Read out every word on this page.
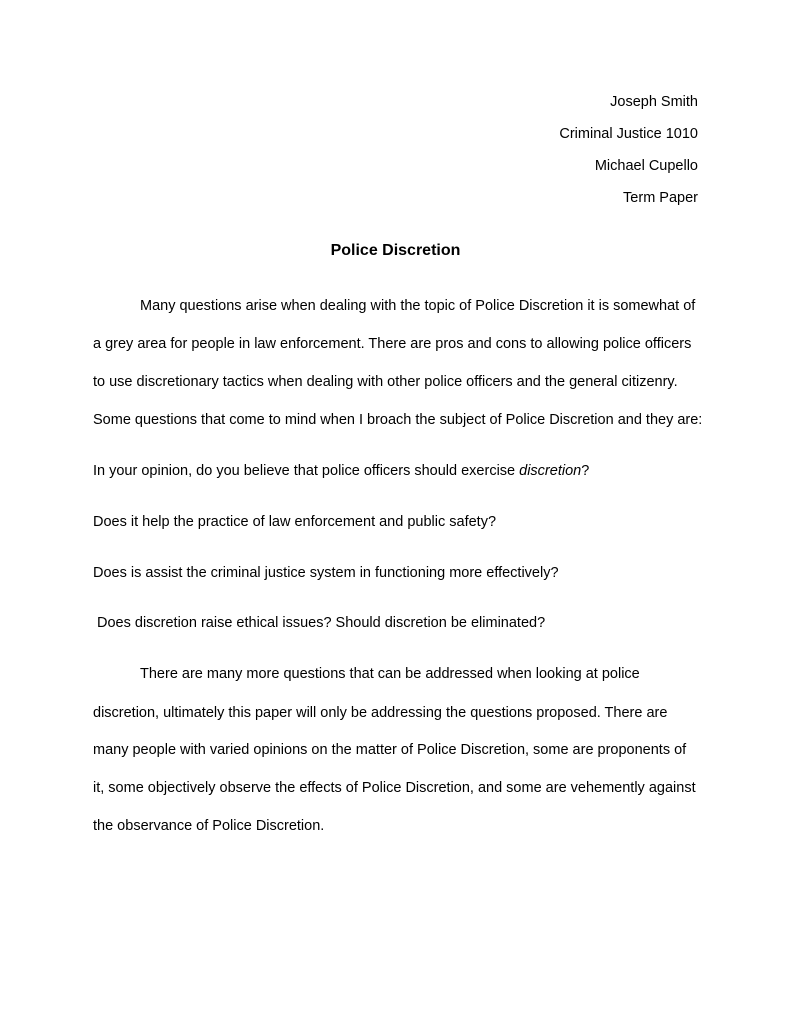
Joseph Smith
Criminal Justice 1010
Michael Cupello
Term Paper
Police Discretion
Many questions arise when dealing with the topic of Police Discretion it is somewhat of
a grey area for people in law enforcement. There are pros and cons to allowing police officers
to use discretionary tactics when dealing with other police officers and the general citizenry.
Some questions that come to mind when I broach the subject of Police Discretion and they are:
In your opinion, do you believe that police officers should exercise discretion?
Does it help the practice of law enforcement and public safety?
Does is assist the criminal justice system in functioning more effectively?
Does discretion raise ethical issues? Should discretion be eliminated?
There are many more questions that can be addressed when looking at police
discretion, ultimately this paper will only be addressing the questions proposed. There are
many people with varied opinions on the matter of Police Discretion, some are proponents of
it, some objectively observe the effects of Police Discretion, and some are vehemently against
the observance of Police Discretion.
